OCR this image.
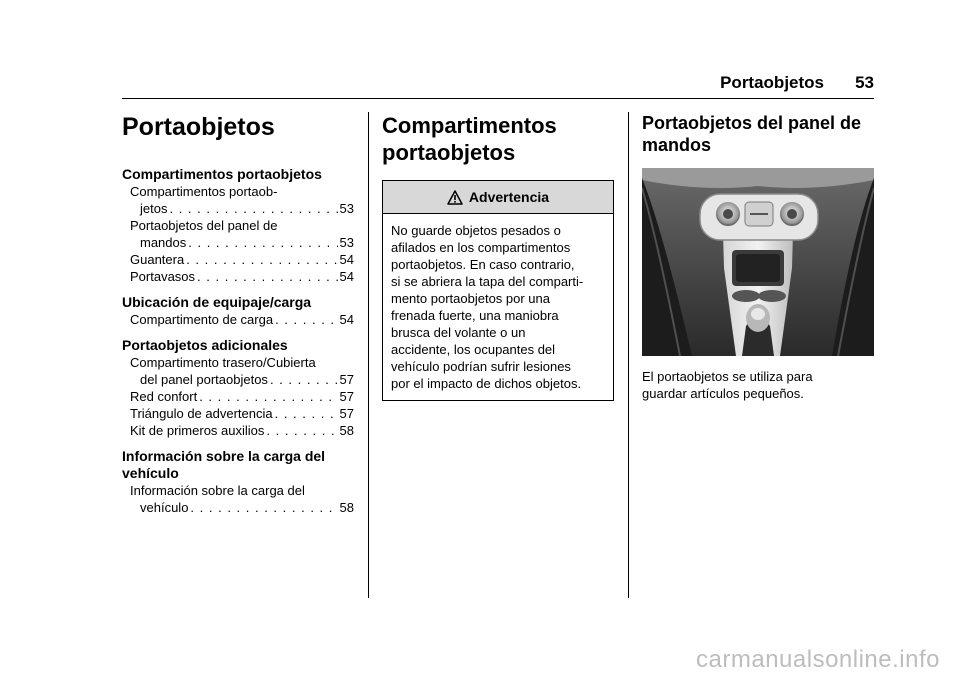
Portaobjetos 53
Portaobjetos
Compartimentos portaobjetos
Compartimentos portaob-
jetos . . .	53
Portaobjetos del panel de
mandos . . .	53
Guantera . . .	54
Portavasos . . .	54
Ubicación de equipaje/carga
Compartimento de carga . . .	54
Portaobjetos adicionales
Compartimento trasero/Cubierta
del panel portaobjetos . . .	57
Red confort . . .	57
Triángulo de advertencia . . .	57
Kit de primeros auxilios . . .	58
Información sobre la carga del
vehículo
Información sobre la carga del
vehículo . . .	58
Compartimentos
portaobjetos
Advertencia
No guarde objetos pesados o
afilados en los compartimentos
portaobjetos. En caso contrario,
si se abriera la tapa del comparti-
mento portaobjetos por una
frenada fuerte, una maniobra
brusca del volante o un
accidente, los ocupantes del
vehículo podrían sufrir lesiones
por el impacto de dichos objetos.
Portaobjetos del panel de
mandos
El portaobjetos se utiliza para
guardar artículos pequeños.
carmanualsonline.info
